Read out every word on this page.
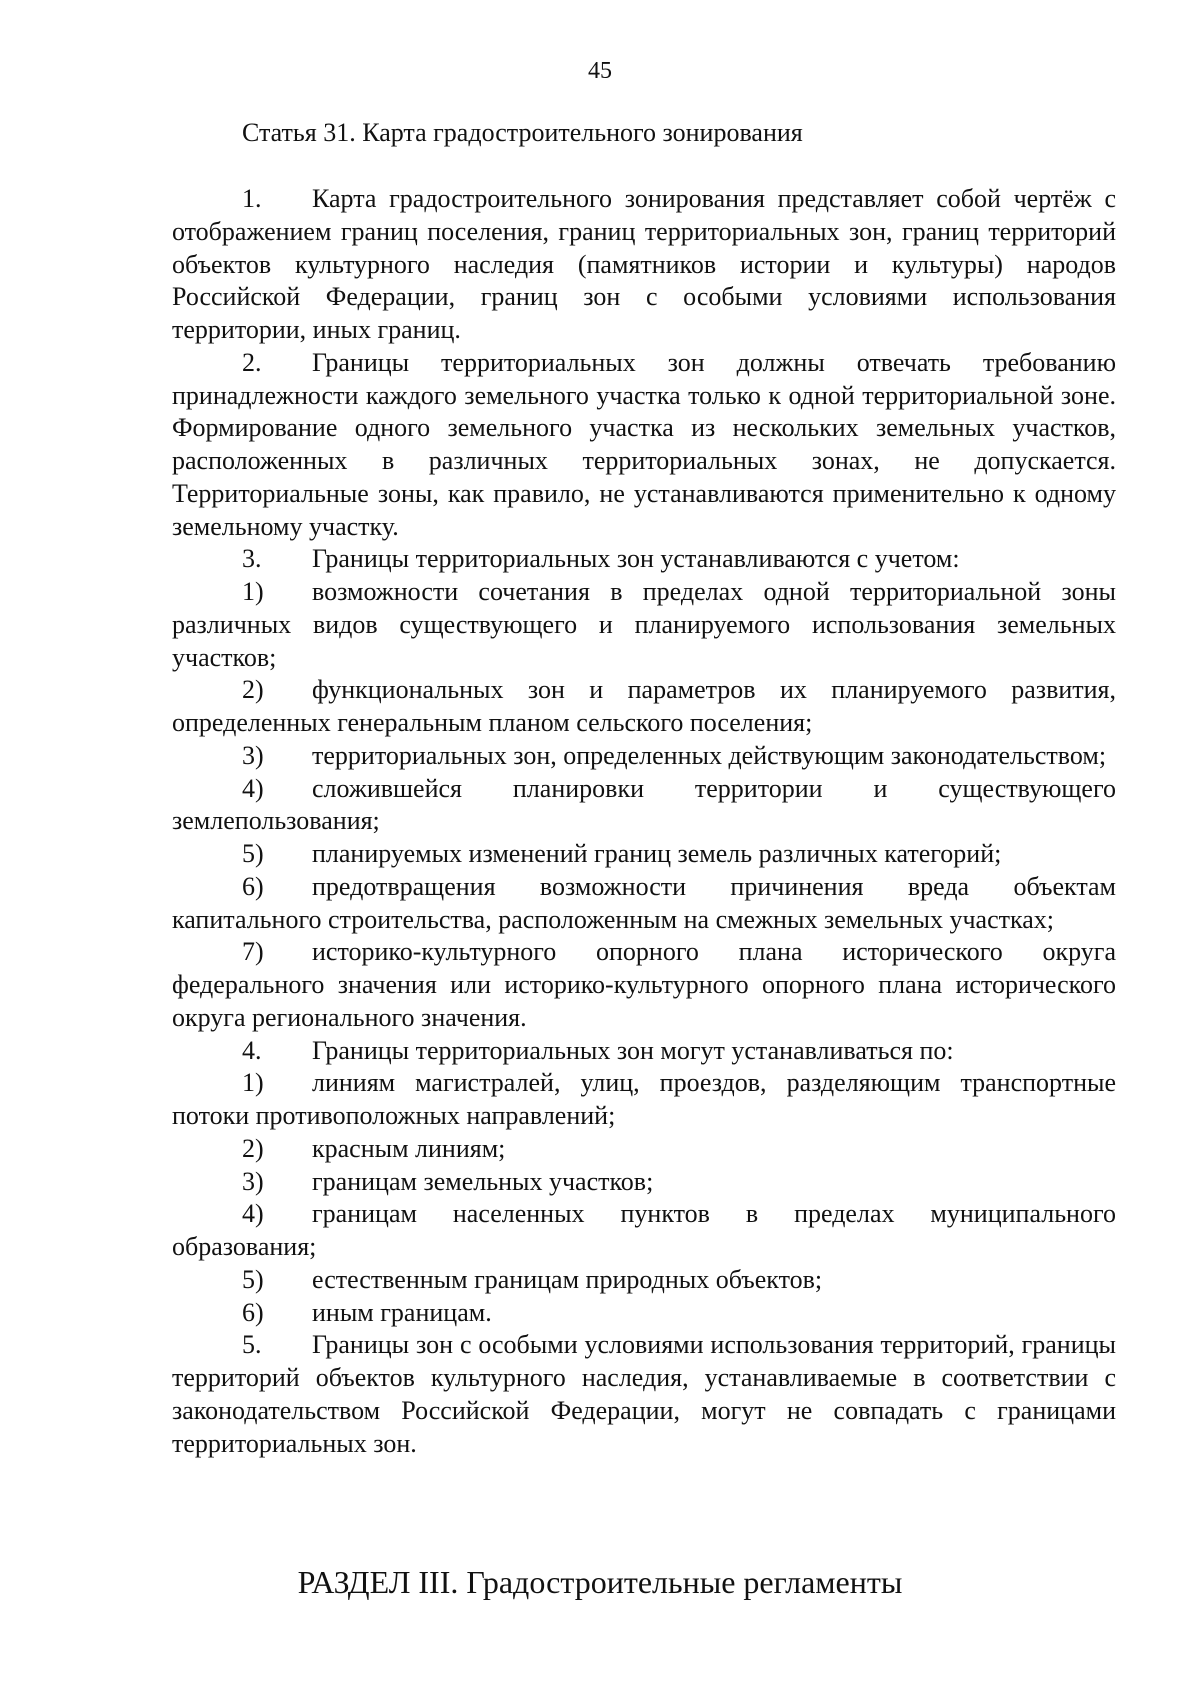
45
Статья 31. Карта градостроительного зонирования

1. Карта градостроительного зонирования представляет собой чертёж с отображением границ поселения, границ территориальных зон, границ территорий объектов культурного наследия (памятников истории и культуры) народов Российской Федерации, границ зон с особыми условиями использования территории, иных границ.

2. Границы территориальных зон должны отвечать требованию принадлежности каждого земельного участка только к одной территориальной зоне. Формирование одного земельного участка из нескольких земельных участков, расположенных в различных территориальных зонах, не допускается. Территориальные зоны, как правило, не устанавливаются применительно к одному земельному участку.

3. Границы территориальных зон устанавливаются с учетом:

1) возможности сочетания в пределах одной территориальной зоны различных видов существующего и планируемого использования земельных участков;

2) функциональных зон и параметров их планируемого развития, определенных генеральным планом сельского поселения;

3) территориальных зон, определенных действующим законодательством;

4) сложившейся планировки территории и существующего землепользования;

5) планируемых изменений границ земель различных категорий;

6) предотвращения возможности причинения вреда объектам капитального строительства, расположенным на смежных земельных участках;

7) историко-культурного опорного плана исторического округа федерального значения или историко-культурного опорного плана исторического округа регионального значения.

4. Границы территориальных зон могут устанавливаться по:

1) линиям магистралей, улиц, проездов, разделяющим транспортные потоки противоположных направлений;

2) красным линиям;

3) границам земельных участков;

4) границам населенных пунктов в пределах муниципального образования;

5) естественным границам природных объектов;

6) иным границам.

5. Границы зон с особыми условиями использования территорий, границы территорий объектов культурного наследия, устанавливаемые в соответствии с законодательством Российской Федерации, могут не совпадать с границами территориальных зон.

РАЗДЕЛ III. Градостроительные регламенты
